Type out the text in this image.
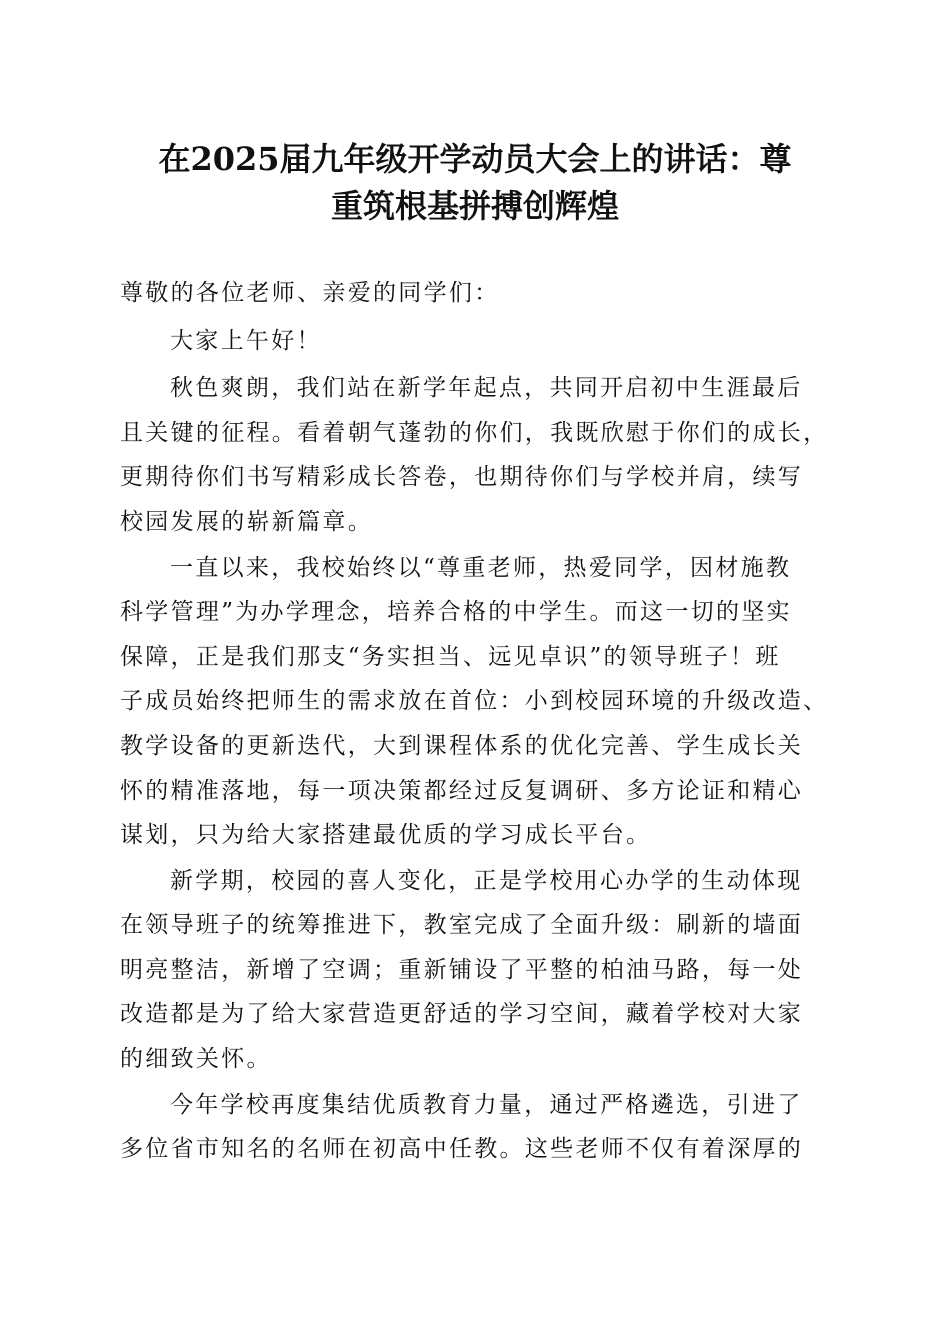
在2025届九年级开学动员大会上的讲话：尊
重筑根基拼搏创辉煌
尊敬的各位老师、亲爱的同学们：
大家上午好！
秋色爽朗，我们站在新学年起点，共同开启初中生涯最后
且关键的征程。看着朝气蓬勃的你们，我既欣慰于你们的成长，
更期待你们书写精彩成长答卷，也期待你们与学校并肩，续写
校园发展的崭新篇章。
一直以来，我校始终以“尊重老师，热爱同学，因材施教
科学管理”为办学理念，培养合格的中学生。而这一切的坚实
保障，正是我们那支“务实担当、远见卓识”的领导班子！班
子成员始终把师生的需求放在首位：小到校园环境的升级改造、
教学设备的更新迭代，大到课程体系的优化完善、学生成长关
怀的精准落地，每一项决策都经过反复调研、多方论证和精心
谋划，只为给大家搭建最优质的学习成长平台。
新学期，校园的喜人变化，正是学校用心办学的生动体现
在领导班子的统筹推进下，教室完成了全面升级：刷新的墙面
明亮整洁，新增了空调；重新铺设了平整的柏油马路，每一处
改造都是为了给大家营造更舒适的学习空间，藏着学校对大家
的细致关怀。
今年学校再度集结优质教育力量，通过严格遴选，引进了
多位省市知名的名师在初高中任教。这些老师不仅有着深厚的
